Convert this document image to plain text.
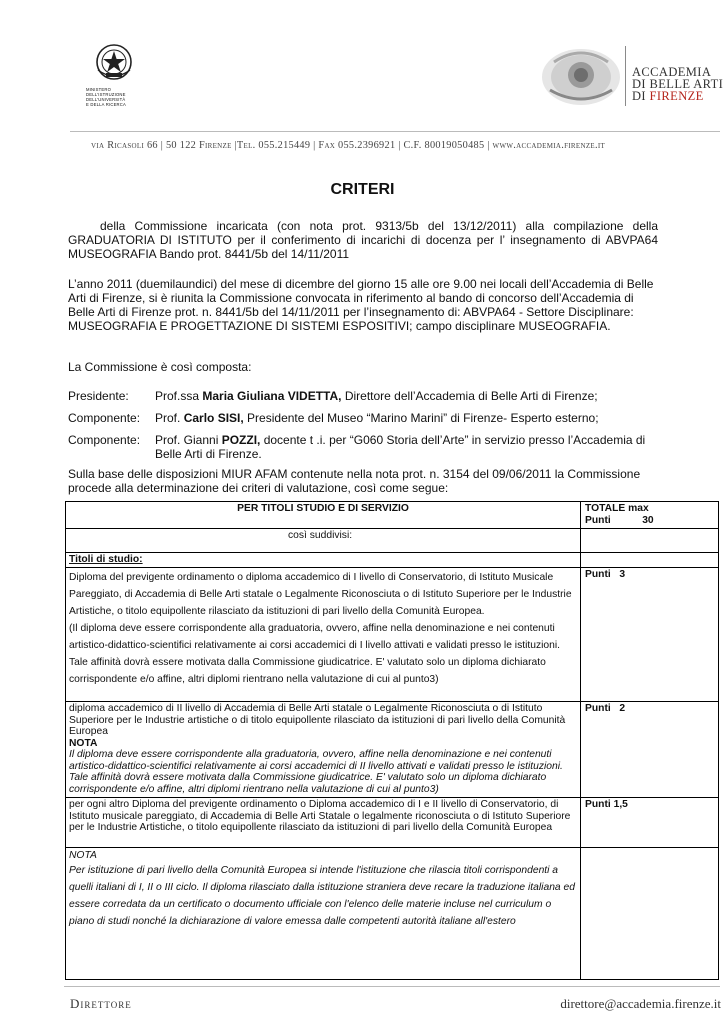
MINISTERO
DELL'ISTRUZIONE
DELL'UNIVERSITÀ
E DELLA RICERCA
ACCADEMIA
DI BELLE ARTI
DI FIRENZE
via Ricasoli 66 | 50 122 Firenze |Tel. 055.215449 | Fax 055.2396921 | C.F. 80019050485 | www.accademia.firenze.it
CRITERI
della Commissione incaricata (con nota prot. 9313/5b del 13/12/2011) alla compilazione della GRADUATORIA DI ISTITUTO per il conferimento di incarichi di docenza per l’ insegnamento di ABVPA64 MUSEOGRAFIA Bando prot. 8441/5b del 14/11/2011
L’anno 2011 (duemilaundici) del mese di dicembre del giorno 15 alle ore 9.00 nei locali dell’Accademia di Belle Arti di Firenze, si è riunita la Commissione convocata in riferimento al bando di concorso dell’Accademia di Belle Arti di Firenze prot. n. 8441/5b del 14/11/2011 per l’insegnamento di: ABVPA64 - Settore Disciplinare: MUSEOGRAFIA E PROGETTAZIONE DI SISTEMI ESPOSITIVI; campo disciplinare MUSEOGRAFIA.
La Commissione è così composta:
Presidente: Prof.ssa Maria Giuliana VIDETTA, Direttore dell’Accademia di Belle Arti di Firenze;
Componente: Prof. Carlo SISI, Presidente del Museo “Marino Marini” di Firenze- Esperto esterno;
Componente: Prof. Gianni POZZI, docente t .i. per “G060 Storia dell’Arte” in servizio presso l’Accademia di Belle Arti di Firenze.
Sulla base delle disposizioni MIUR AFAM contenute nella nota prot. n. 3154 del 09/06/2011 la Commissione procede alla determinazione dei criteri di valutazione, così come segue:
PER TITOLI STUDIO E DI SERVIZIO	TOTALE max
Punti           30

così suddivisi:	
Titoli di studio:	

Diploma del previgente ordinamento o diploma accademico di I livello di Conservatorio, di Istituto Musicale Pareggiato, di Accademia di Belle Arti statale o Legalmente Riconosciuta o di Istituto Superiore per le Industrie Artistiche, o titolo equipollente rilasciato da istituzioni di pari livello della Comunità Europea.
(Il diploma deve essere corrispondente alla graduatoria, ovvero, affine nella denominazione e nei contenuti artistico-didattico-scientifici relativamente ai corsi accademici di I livello attivati e validati presso le istituzioni. Tale affinità dovrà essere motivata dalla Commissione giudicatrice. E' valutato solo un diploma dichiarato corrispondente e/o affine, altri diplomi rientrano nella valutazione di cui al punto3)	Punti   3

diploma accademico di II livello di Accademia di Belle Arti statale o Legalmente Riconosciuta o di Istituto Superiore per le Industrie artistiche o di titolo equipollente rilasciato da istituzioni di pari livello della Comunità Europea
NOTA
Il diploma deve essere corrispondente alla graduatoria, ovvero, affine nella denominazione e nei contenuti artistico-didattico-scientifici relativamente ai corsi accademici di II livello attivati e validati presso le istituzioni. Tale affinità dovrà essere motivata dalla Commissione giudicatrice. E' valutato solo un diploma dichiarato corrispondente e/o affine, altri diplomi rientrano nella valutazione di cui al punto3)	Punti   2
per ogni altro Diploma del previgente ordinamento o Diploma accademico di I e II livello di Conservatorio, di Istituto musicale pareggiato, di Accademia di Belle Arti Statale o legalmente riconosciuta o di Istituto Superiore per le Industrie Artistiche, o titolo equipollente rilasciato da istituzioni di pari livello della Comunità Europea	Punti 1,5

NOTA
Per istituzione di pari livello della Comunità Europea si intende l'istituzione che rilascia titoli corrispondenti a quelli italiani di I, II o III ciclo. Il diploma rilasciato dalla istituzione straniera deve recare la traduzione italiana ed essere corredata da un certificato o documento ufficiale con l'elenco delle materie incluse nel curriculum o piano di studi nonché la dichiarazione di valore emessa dalle competenti autorità italiane all'estero	

Direttore	direttore@accademia.firenze.it
